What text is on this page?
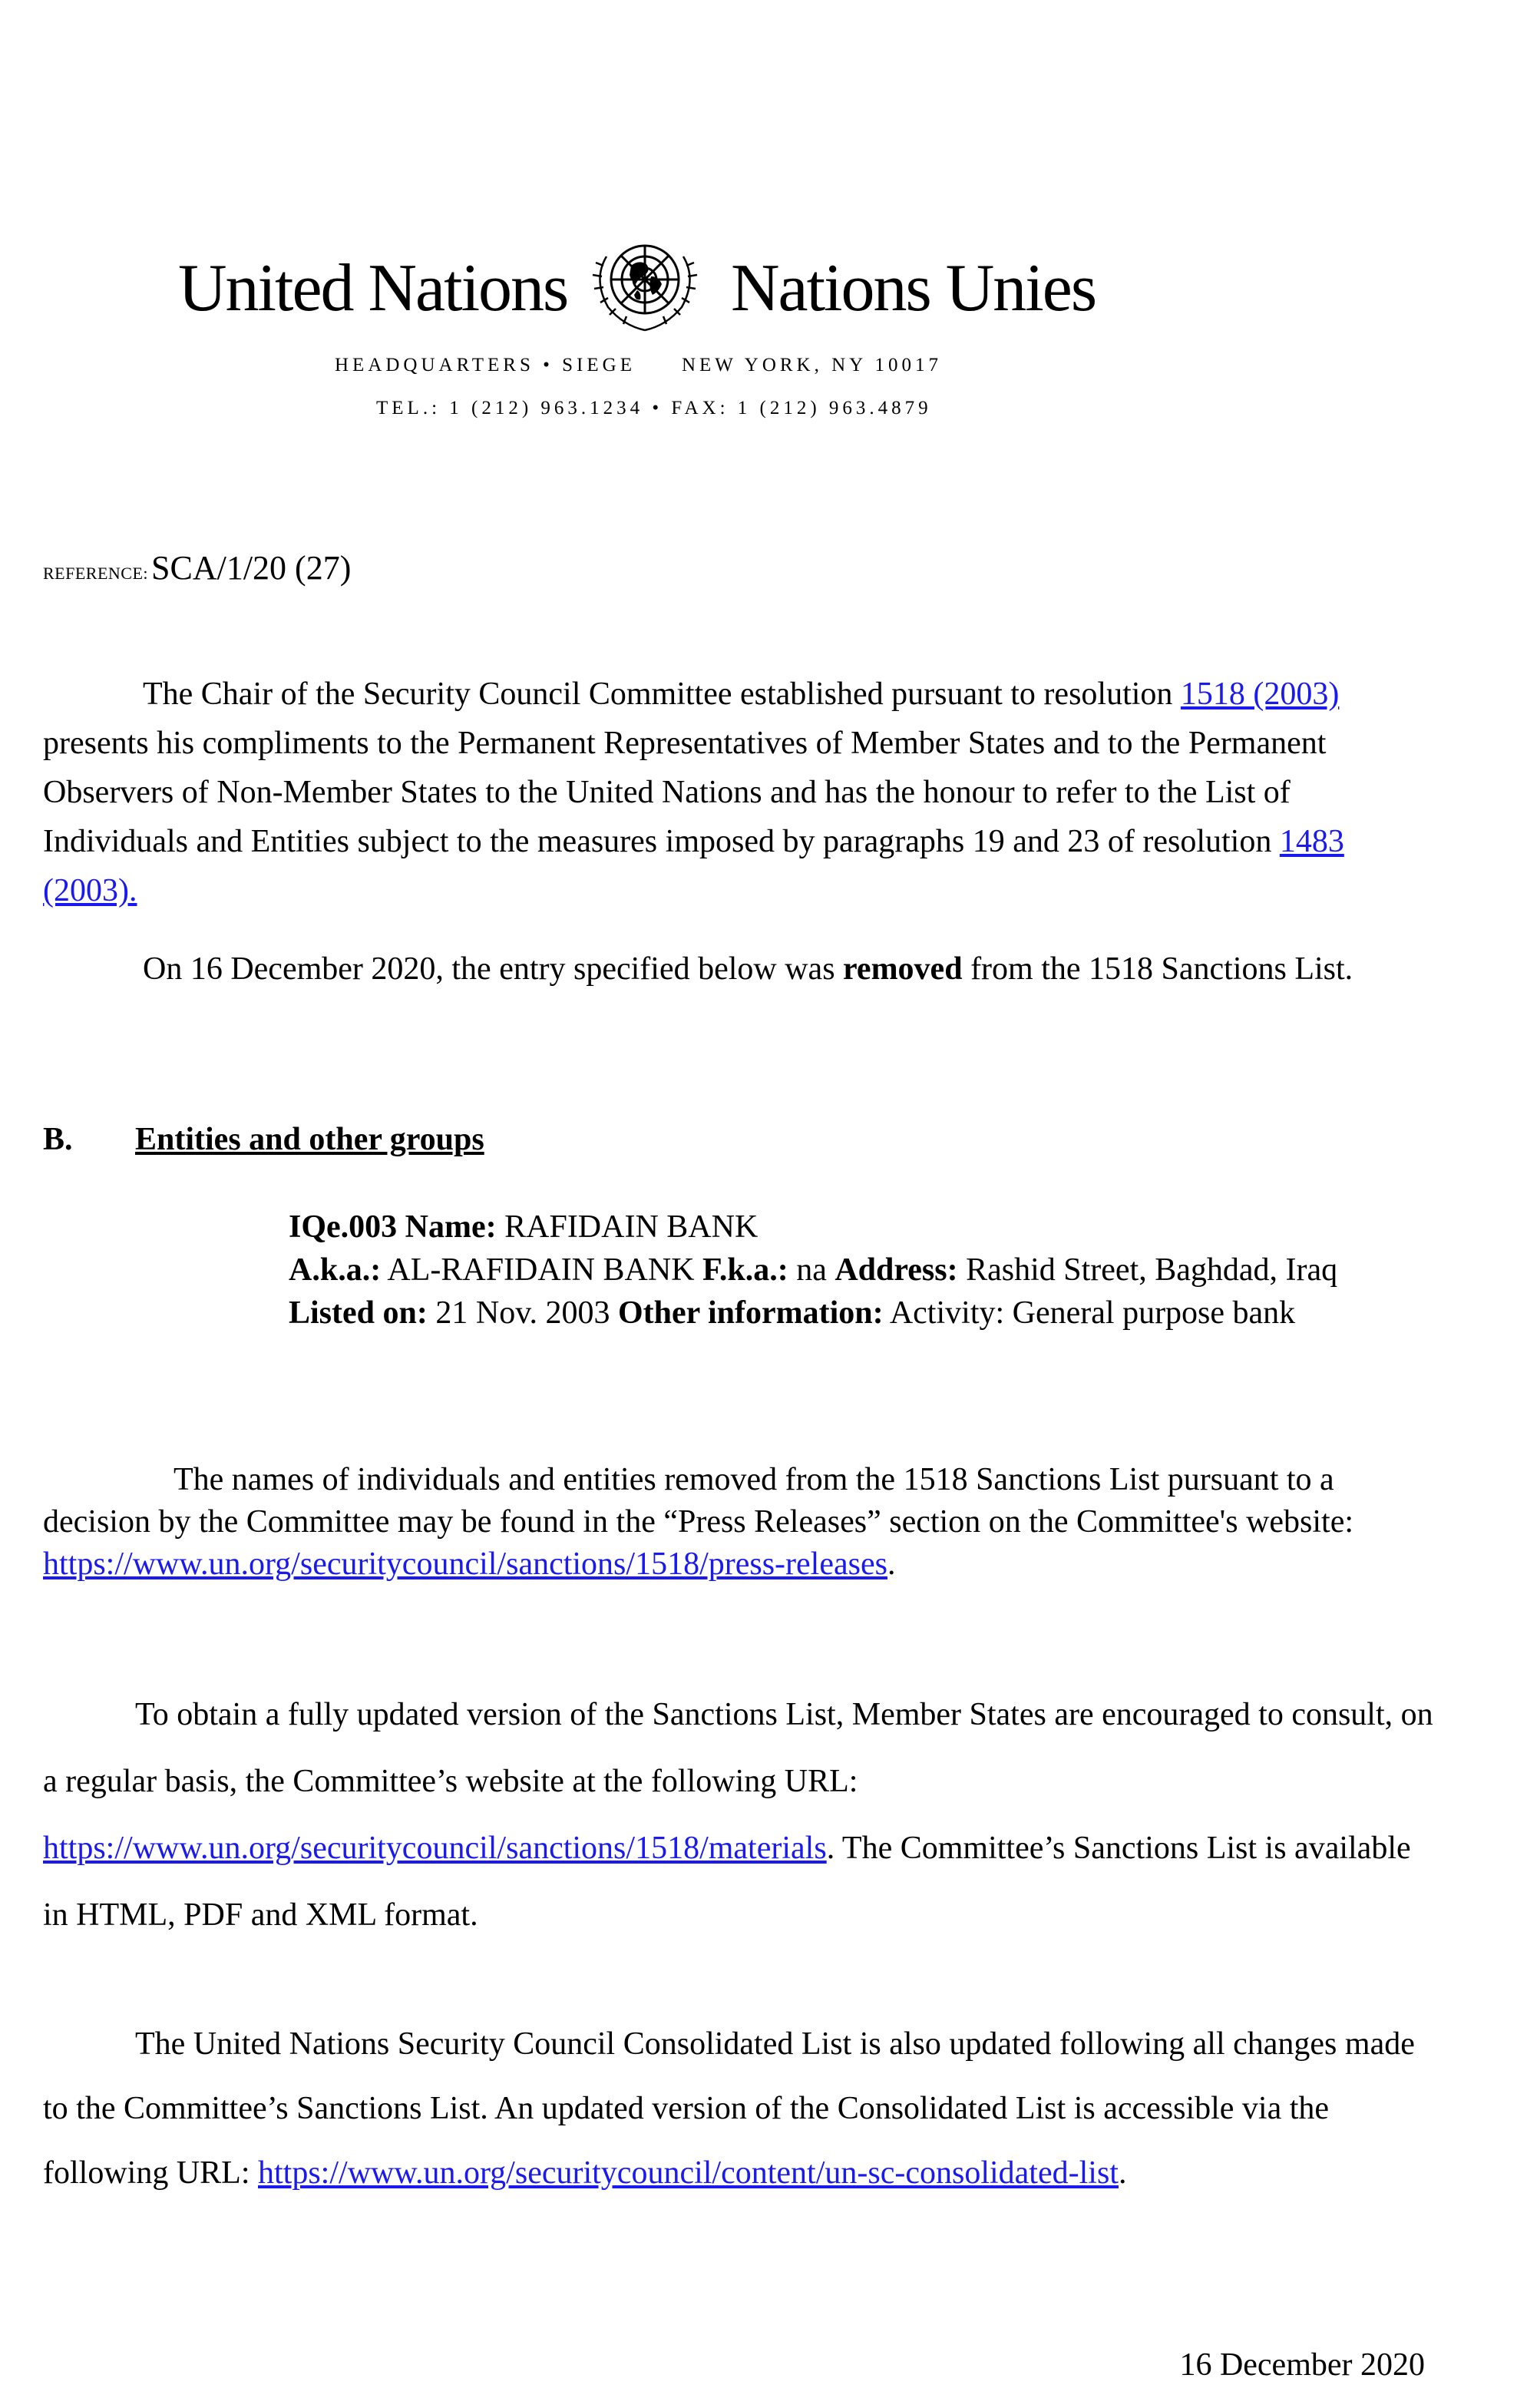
United Nations Nations Unies
HEADQUARTERS • SIEGE NEW YORK, NY 10017
TEL.: 1 (212) 963.1234 • FAX: 1 (212) 963.4879
REFERENCE: SCA/1/20 (27)
The Chair of the Security Council Committee established pursuant to resolution 1518 (2003) presents his compliments to the Permanent Representatives of Member States and to the Permanent Observers of Non-Member States to the United Nations and has the honour to refer to the List of Individuals and Entities subject to the measures imposed by paragraphs 19 and 23 of resolution 1483 (2003).
On 16 December 2020, the entry specified below was removed from the 1518 Sanctions List.
B. Entities and other groups
IQe.003 Name: RAFIDAIN BANK
A.k.a.: AL-RAFIDAIN BANK F.k.a.: na Address: Rashid Street, Baghdad, Iraq Listed on: 21 Nov. 2003 Other information: Activity: General purpose bank
The names of individuals and entities removed from the 1518 Sanctions List pursuant to a decision by the Committee may be found in the “Press Releases” section on the Committee's website: https://www.un.org/securitycouncil/sanctions/1518/press-releases.
To obtain a fully updated version of the Sanctions List, Member States are encouraged to consult, on a regular basis, the Committee’s website at the following URL: https://www.un.org/securitycouncil/sanctions/1518/materials. The Committee’s Sanctions List is available in HTML, PDF and XML format.
The United Nations Security Council Consolidated List is also updated following all changes made to the Committee’s Sanctions List. An updated version of the Consolidated List is accessible via the following URL: https://www.un.org/securitycouncil/content/un-sc-consolidated-list.
16 December 2020
